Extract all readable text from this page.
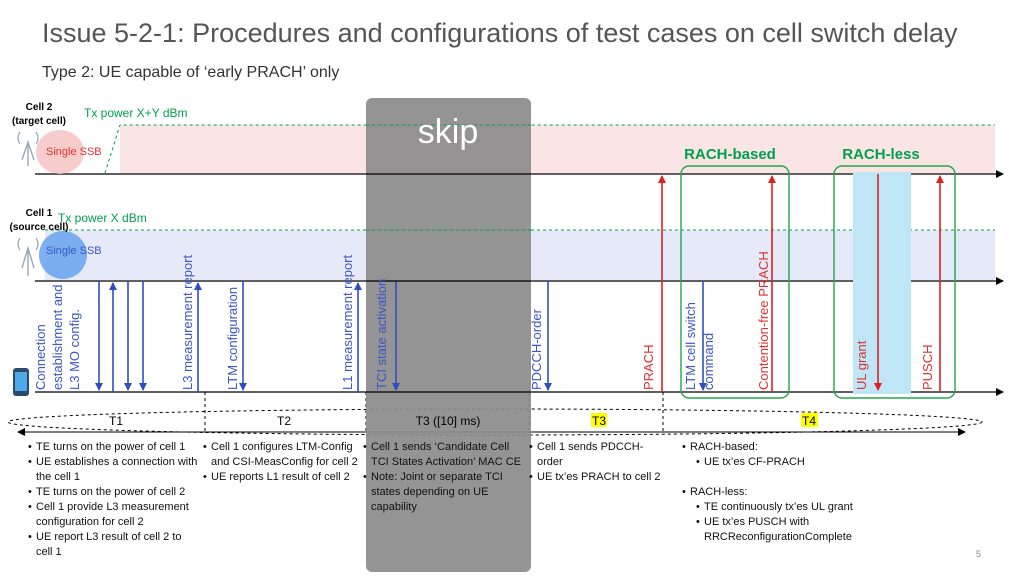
Issue 5-2-1: Procedures and configurations of test cases on cell switch delay
Type 2: UE capable of ‘early PRACH’ only
skip
Tx power X+Y dBm
Tx power X dBm
Single SSB
Single SSB
Cell 2
(target cell)
Cell 1
(source cell)
RACH-based	RACH-less
Connection establishment and L3 MO config.	L3 measurement report LTM configuration	L1 measurement report TCI state activation	PDCCH-order	PRACH LTM cell switch command	Contention-free PRACH	UL grant	PUSCH
T1	T2	T3 ([10] ms)	T3	T4
• TE turns on the power of cell 1
• UE establishes a connection with the cell 1
• TE turns on the power of cell 2
• Cell 1 provide L3 measurement configuration for cell 2
• UE report L3 result of cell 2 to cell 1
• Cell 1 configures LTM-Config and CSI-MeasConfig for cell 2
• UE reports L1 result of cell 2
• Cell 1 sends ‘Candidate Cell TCI States Activation’ MAC CE
• Note: Joint or separate TCI states depending on UE capability
• Cell 1 sends PDCCH-order
• UE tx’es PRACH to cell 2
• RACH-based:
• UE tx’es CF-PRACH
• RACH-less:
• TE continuously tx’es UL grant
• UE tx’es PUSCH with RRCReconfigurationComplete
5
